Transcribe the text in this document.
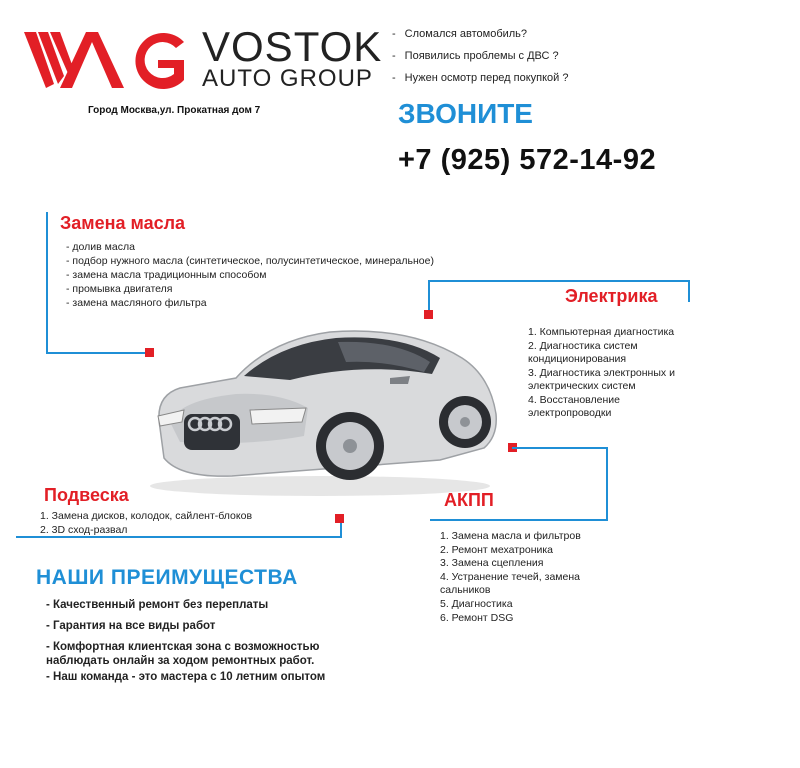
VOSTOK
AUTO GROUP
Город Москва,ул. Прокатная дом 7
- Сломался автомобиль?
- Появились проблемы с ДВС ?
- Нужен осмотр перед покупкой ?
ЗВОНИТЕ
+7 (925) 572-14-92
Замена масла
- долив масла
- подбор нужного масла (синтетическое, полусинтетическое, минеральное)
- замена масла традиционным способом
- промывка двигателя
- замена масляного фильтра	Электрика
1. Компьютерная диагностика
2. Диагностика систем
кондиционирования
3. Диагностика электронных и
электрических систем
4. Восстановление
электропроводки
Подвеска
1. Замена дисков, колодок, сайлент-блоков
2. 3D сход-развал
АКПП
1. Замена масла и фильтров
2. Ремонт мехатроника
3. Замена сцепления
4. Устранение течей, замена
сальников
5. Диагностика
6. Ремонт DSG
НАШИ ПРЕИМУЩЕСТВА
- Качественный ремонт без переплаты
- Гарантия на все виды работ
- Комфортная клиентская зона с возможностью наблюдать онлайн за ходом ремонтных работ.
- Наш команда - это мастера с 10 летним опытом
